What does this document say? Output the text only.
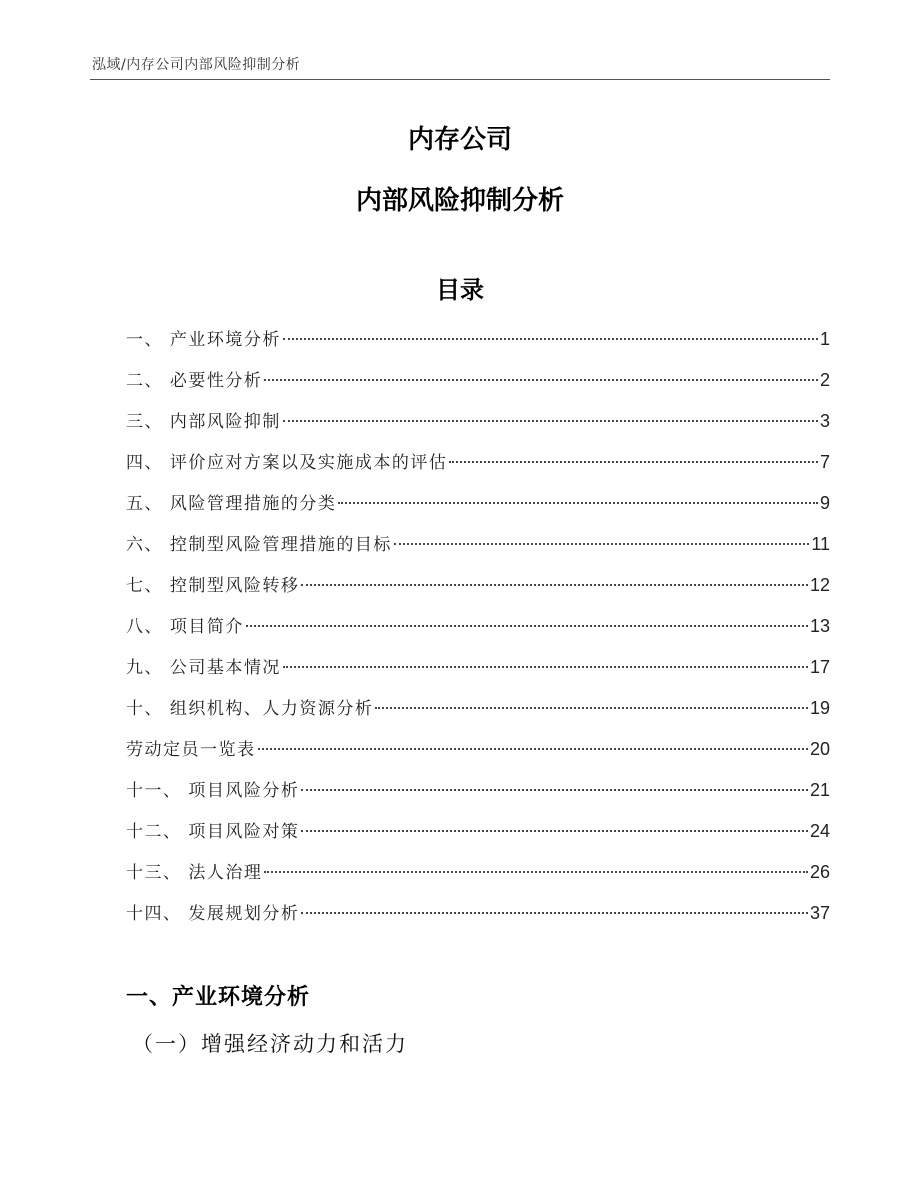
泓域/内存公司内部风险抑制分析
内存公司
内部风险抑制分析
目录
一、 产业环境分析	1
二、 必要性分析	2
三、 内部风险抑制	3
四、 评价应对方案以及实施成本的评估	7
五、 风险管理措施的分类	9
六、 控制型风险管理措施的目标	11
七、 控制型风险转移	12
八、 项目简介	13
九、 公司基本情况	17
十、 组织机构、人力资源分析	19
劳动定员一览表	20
十一、 项目风险分析	21
十二、 项目风险对策	24
十三、 法人治理	26
十四、 发展规划分析	37
一、产业环境分析
（一）增强经济动力和活力
